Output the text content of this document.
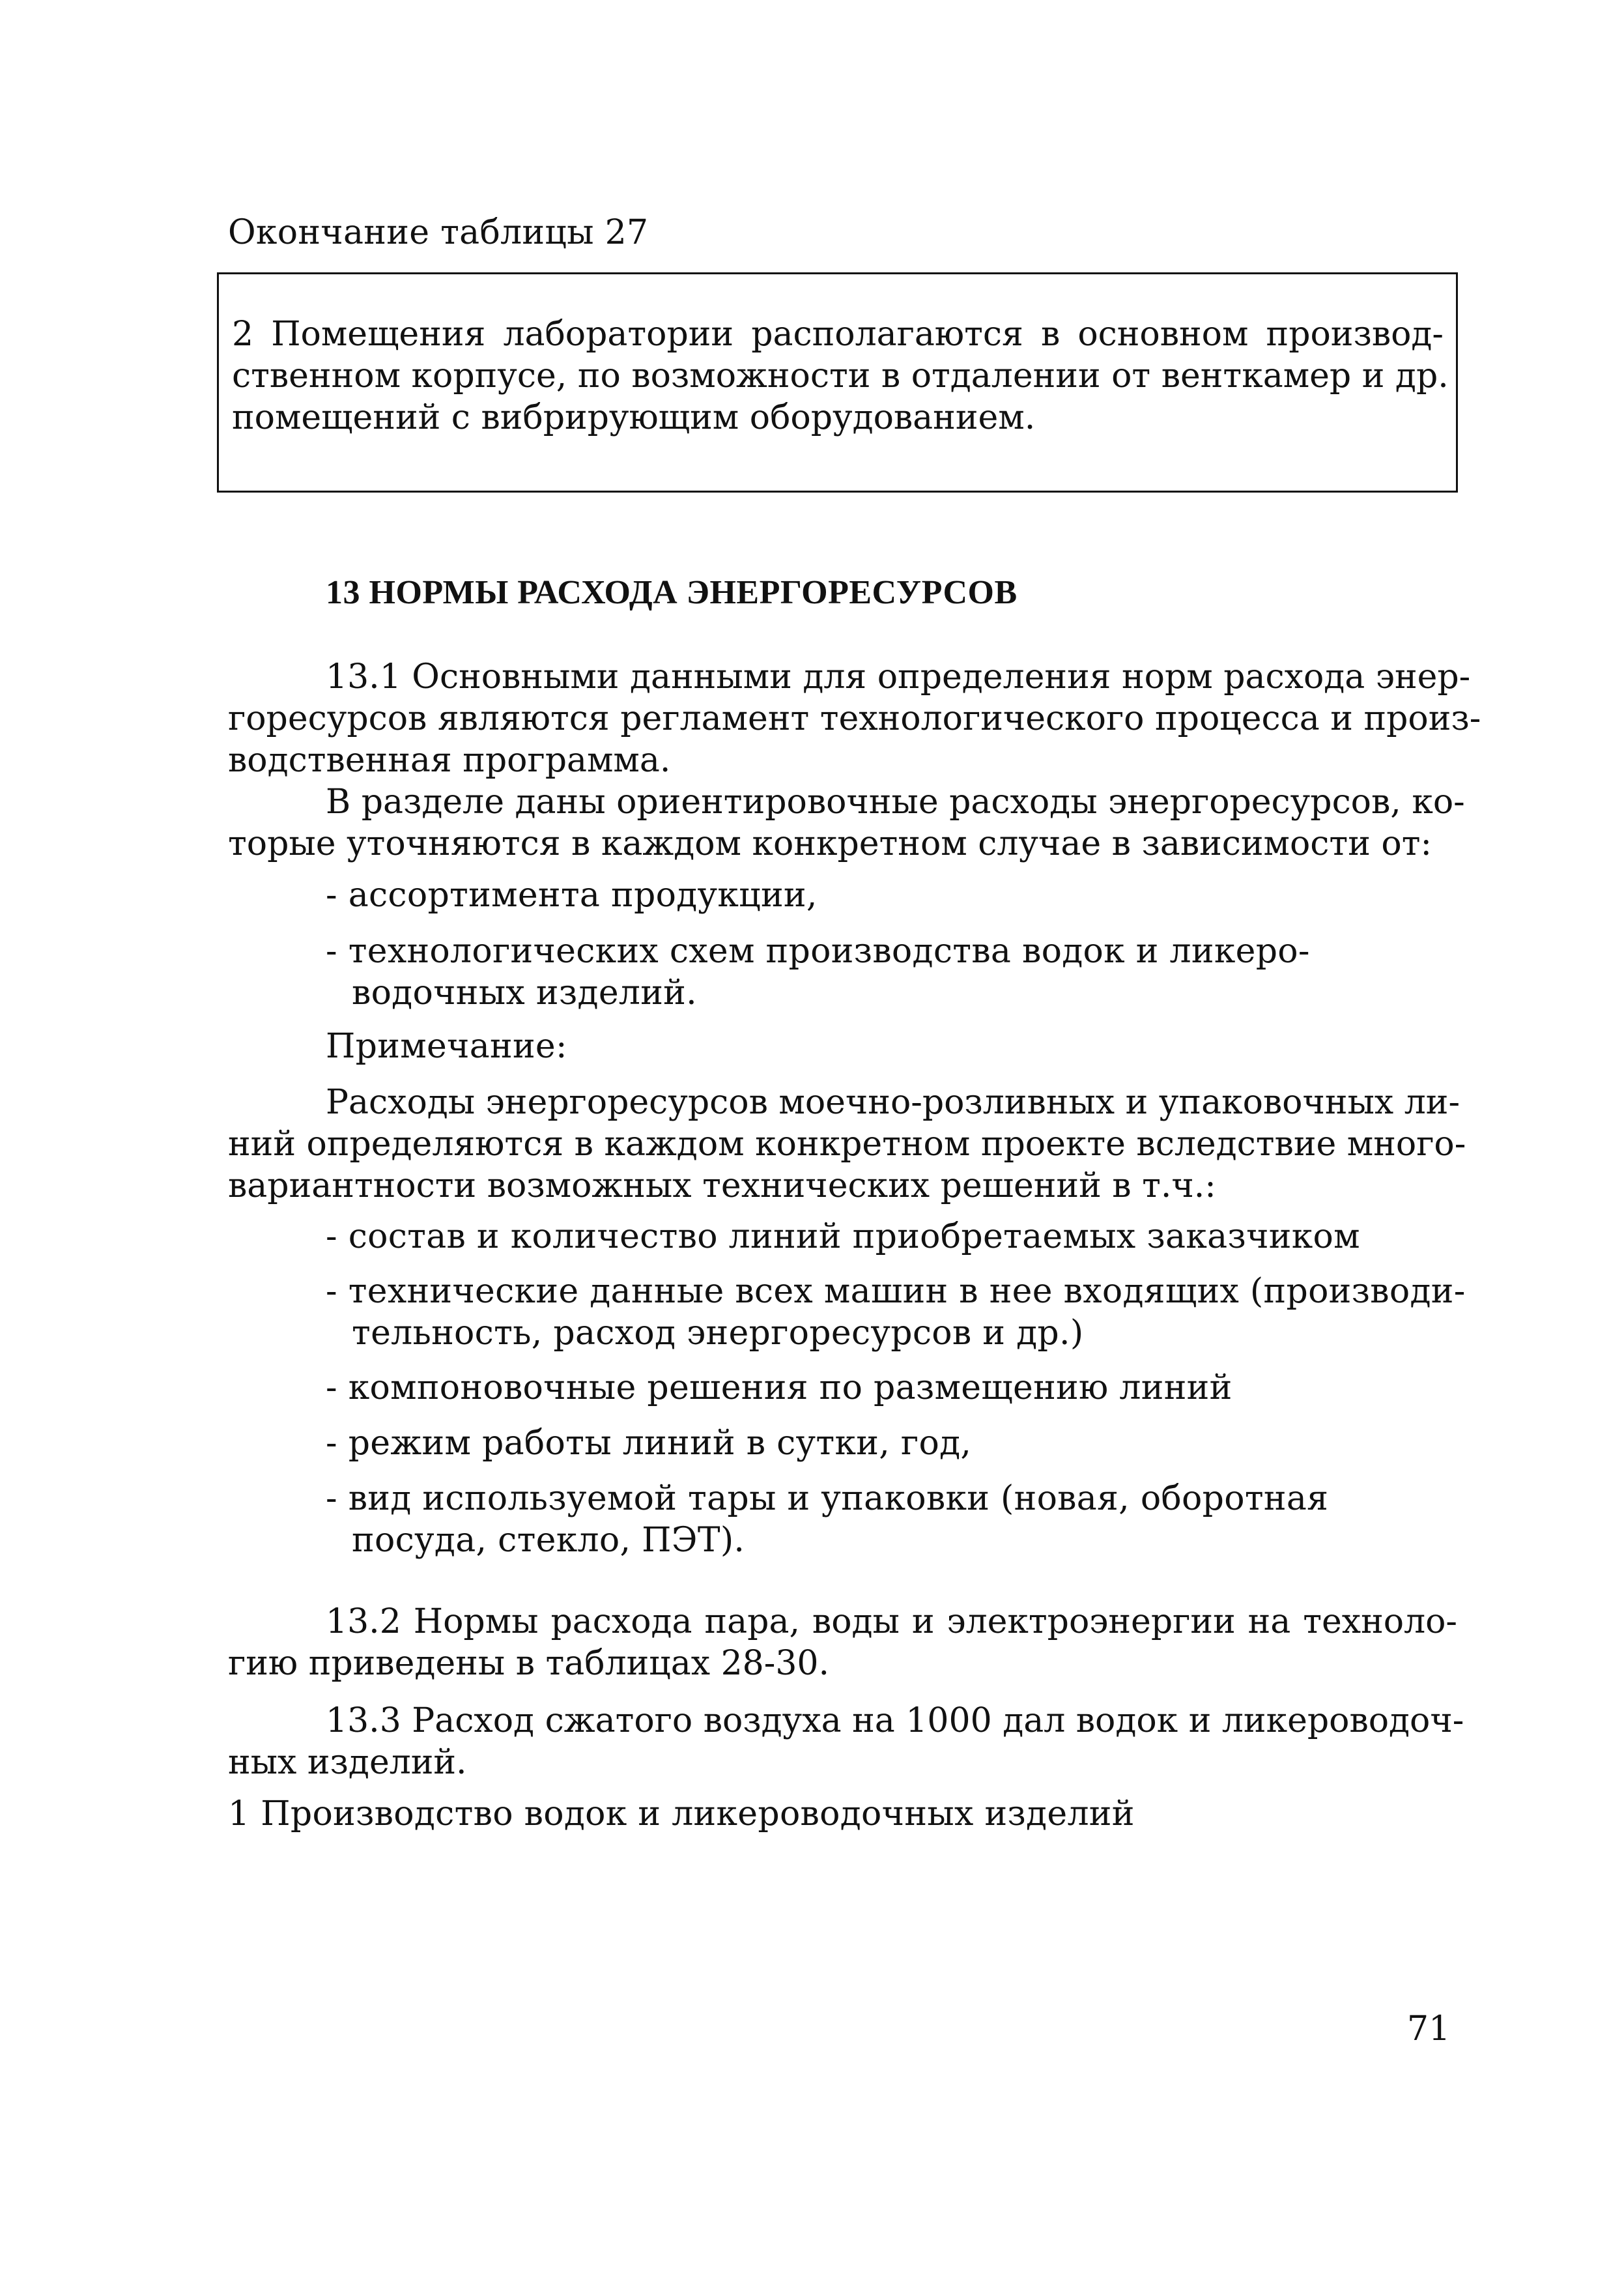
Окончание таблицы 27
2 Помещения лаборатории располагаются в основном производ-
ственном корпусе, по возможности в отдалении от венткамер и др.
помещений с вибрирующим оборудованием.
13 НОРМЫ РАСХОДА ЭНЕРГОРЕСУРСОВ
13.1 Основными данными для определения норм расхода энер-
горесурсов являются регламент технологического процесса и произ-
водственная программа.
В разделе даны ориентировочные расходы энергоресурсов, ко-
торые уточняются в каждом конкретном случае в зависимости от:
- ассортимента продукции,
- технологических схем производства водок и ликеро-
водочных изделий.
Примечание:
Расходы энергоресурсов моечно-розливных и упаковочных ли-
ний определяются в каждом конкретном проекте вследствие много-
вариантности возможных технических решений в т.ч.:
- состав и количество линий приобретаемых заказчиком
- технические данные всех машин в нее входящих (производи-
тельность, расход энергоресурсов и др.)
- компоновочные решения по размещению линий
- режим работы линий в сутки, год,
- вид используемой тары и упаковки (новая, оборотная
посуда, стекло, ПЭТ).
13.2 Нормы расхода пара, воды и электроэнергии на техноло-
гию приведены в таблицах 28-30.
13.3 Расход сжатого воздуха на 1000 дал водок и ликероводоч-
ных изделий.
1 Производство водок и ликероводочных изделий
71
